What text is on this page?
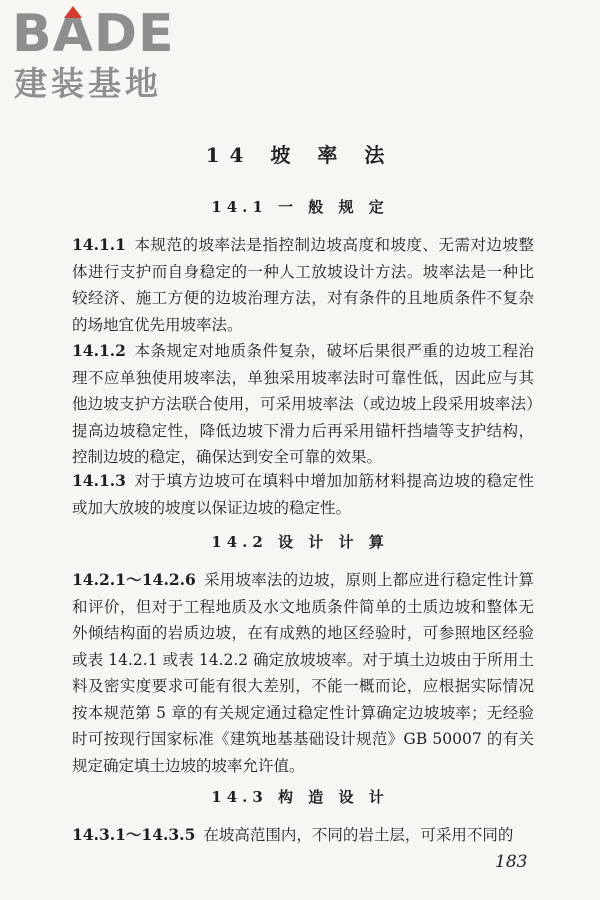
BADE
建装基地
14 坡 率 法
14.1 一 般 规 定
14.1.1 本规范的坡率法是指控制边坡高度和坡度、无需对边坡整体进行支护而自身稳定的一种人工放坡设计方法。坡率法是一种比较经济、施工方便的边坡治理方法，对有条件的且地质条件不复杂的场地宜优先用坡率法。
14.1.2 本条规定对地质条件复杂，破坏后果很严重的边坡工程治理不应单独使用坡率法，单独采用坡率法时可靠性低，因此应与其他边坡支护方法联合使用，可采用坡率法（或边坡上段采用坡率法）提高边坡稳定性，降低边坡下滑力后再采用锚杆挡墙等支护结构，控制边坡的稳定，确保达到安全可靠的效果。
14.1.3 对于填方边坡可在填料中增加加筋材料提高边坡的稳定性或加大放坡的坡度以保证边坡的稳定性。
14.2 设 计 计 算
14.2.1～14.2.6 采用坡率法的边坡，原则上都应进行稳定性计算和评价，但对于工程地质及水文地质条件简单的土质边坡和整体无外倾结构面的岩质边坡，在有成熟的地区经验时，可参照地区经验或表 14.2.1 或表 14.2.2 确定放坡坡率。对于填土边坡由于所用土料及密实度要求可能有很大差别，不能一概而论，应根据实际情况按本规范第 5 章的有关规定通过稳定性计算确定边坡坡率；无经验时可按现行国家标准《建筑地基基础设计规范》GB 50007 的有关规定确定填土边坡的坡率允许值。
14.3 构 造 设 计
14.3.1～14.3.5 在坡高范围内，不同的岩土层，可采用不同的
183
